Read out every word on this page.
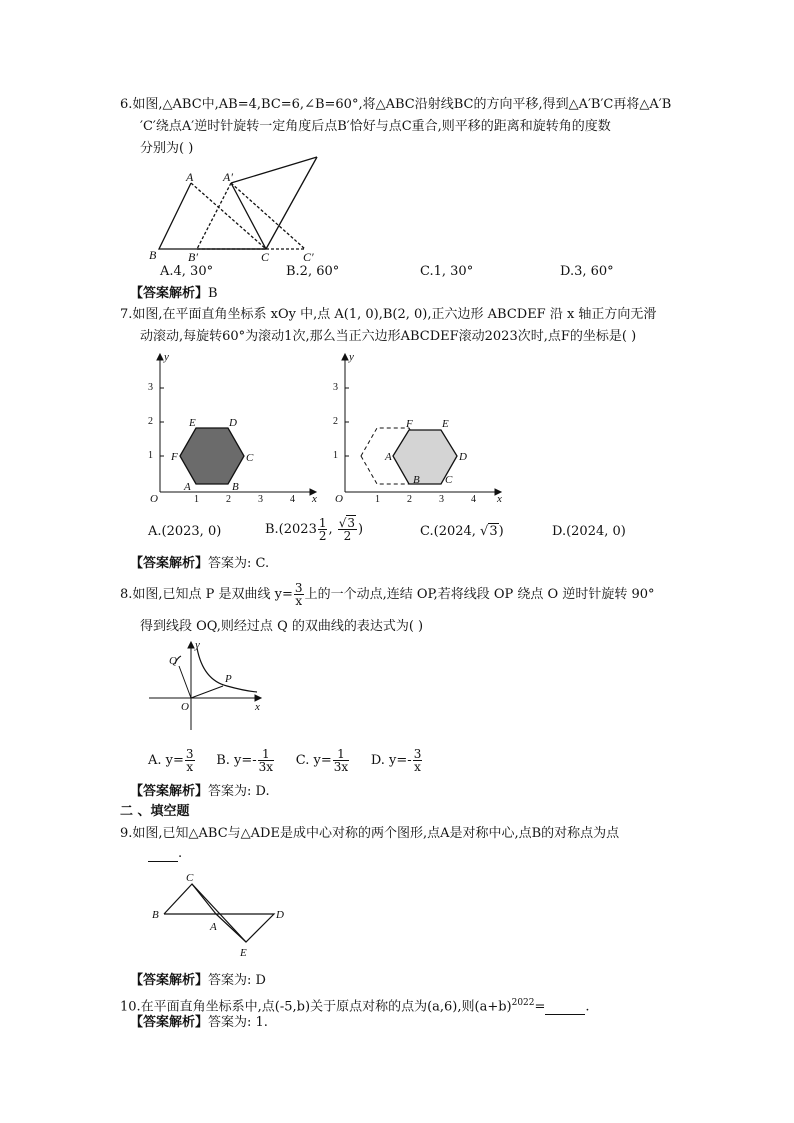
6.如图,△ABC中,AB=4,BC=6,∠B=60°,将△ABC沿射线BC的方向平移,得到△A′B′C再将△A′B
′C′绕点A′逆时针旋转一定角度后点B′恰好与点C重合,则平移的距离和旋转角的度数
分别为( )
A A′
B	B′	C	C′
A.4, 30°	B.2, 60°	C.1, 30°	D.3, 60°
【答案解析】B
7.如图,在平面直角坐标系 xOy 中,点 A(1, 0),B(2, 0),正六边形 ABCDEF 沿 x 轴正方向无滑
动滚动,每旋转60°为滚动1次,那么当正六边形ABCDEF滚动2023次时,点F的坐标是( )
3
2
1
1	2	3	4
y
x
O
A	B
C
D
E
F
3
2
1
1	2	3	4
y
x
O
A
B C
D
E
F
A.(2023, 0)	$B.(2023 \frac{1}{2}$ , $\frac{√3}{2}$ )	C.(2024, √3)	D.(2024, 0)
【答案解析】答案为: C.
8.如图,已知点 P 是双曲线 $y= \frac{3}{x}$ 上的一个动点,连结 OP,若将线段 OP 绕点 O 逆时针旋转 90°
得到线段 OQ,则经过点 Q 的双曲线的表达式为( )
y
x
O
P
Q
A. $y= \frac{3}{x} B$. $y=- \frac{1}{3x} C$. $y= \frac{1}{3x} D$. $y=- \frac{3}{x}$
【答案解析】答案为: D.
二 、填空题
9.如图,已知△ABC与△ADE是成中心对称的两个图形,点A是对称中心,点B的对称点为点
.
C
B
A
D
E
【答案解析】答案为: D
10.在平面直角坐标系中,点(-5,b)关于原点对称的点为(a,6),则$(a+b)^{2022}=$	.
【答案解析】答案为: 1.
